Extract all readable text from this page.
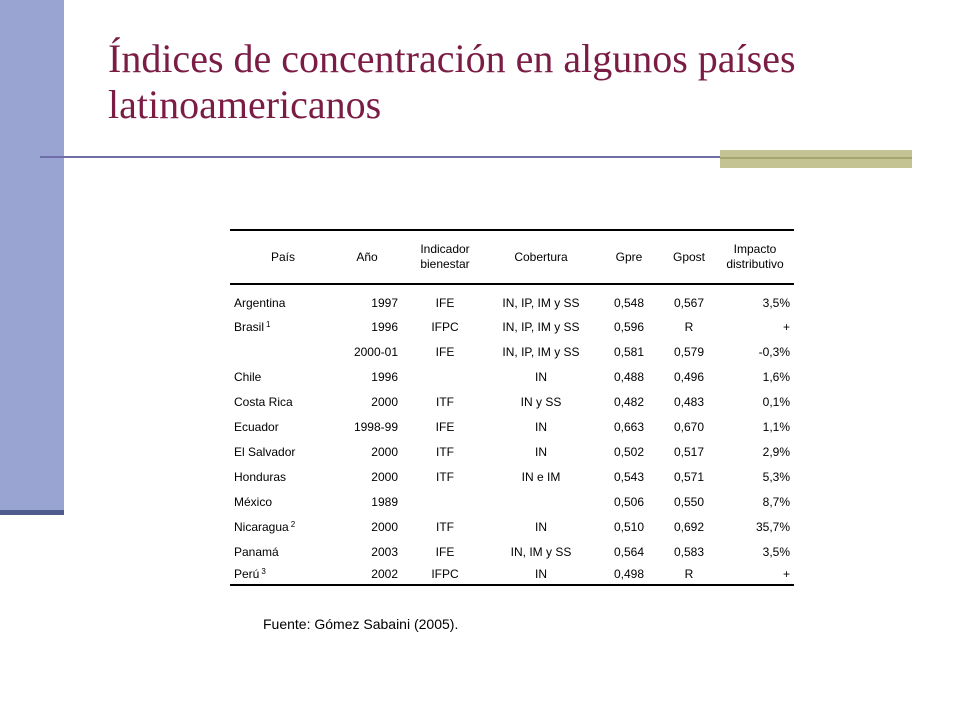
Índices de concentración en algunos países latinoamericanos
País	Año	Indicador bienestar	Cobertura	Gpre	Gpost	Impacto distributivo
Argentina	1997	IFE	IN, IP, IM y SS	0,548	0,567	3,5%
Brasil $^1$	1996	IFPC	IN, IP, IM y SS	0,596	R	+
	2000-01	IFE	IN, IP, IM y SS	0,581	0,579	-0,3%
Chile	1996		IN	0,488	0,496	1,6%
Costa Rica	2000	ITF	IN y SS	0,482	0,483	0,1%
Ecuador	1998-99	IFE	IN	0,663	0,670	1,1%
El Salvador	2000	ITF	IN	0,502	0,517	2,9%
Honduras	2000	ITF	IN e IM	0,543	0,571	5,3%
México	1989			0,506	0,550	8,7%
Nicaragua $^2$	2000	ITF	IN	0,510	0,692	35,7%
Panamá	2003	IFE	IN, IM y SS	0,564	0,583	3,5%
Perú $^3$	2002	IFPC	IN	0,498	R	+

Fuente: Gómez Sabaini (2005).
